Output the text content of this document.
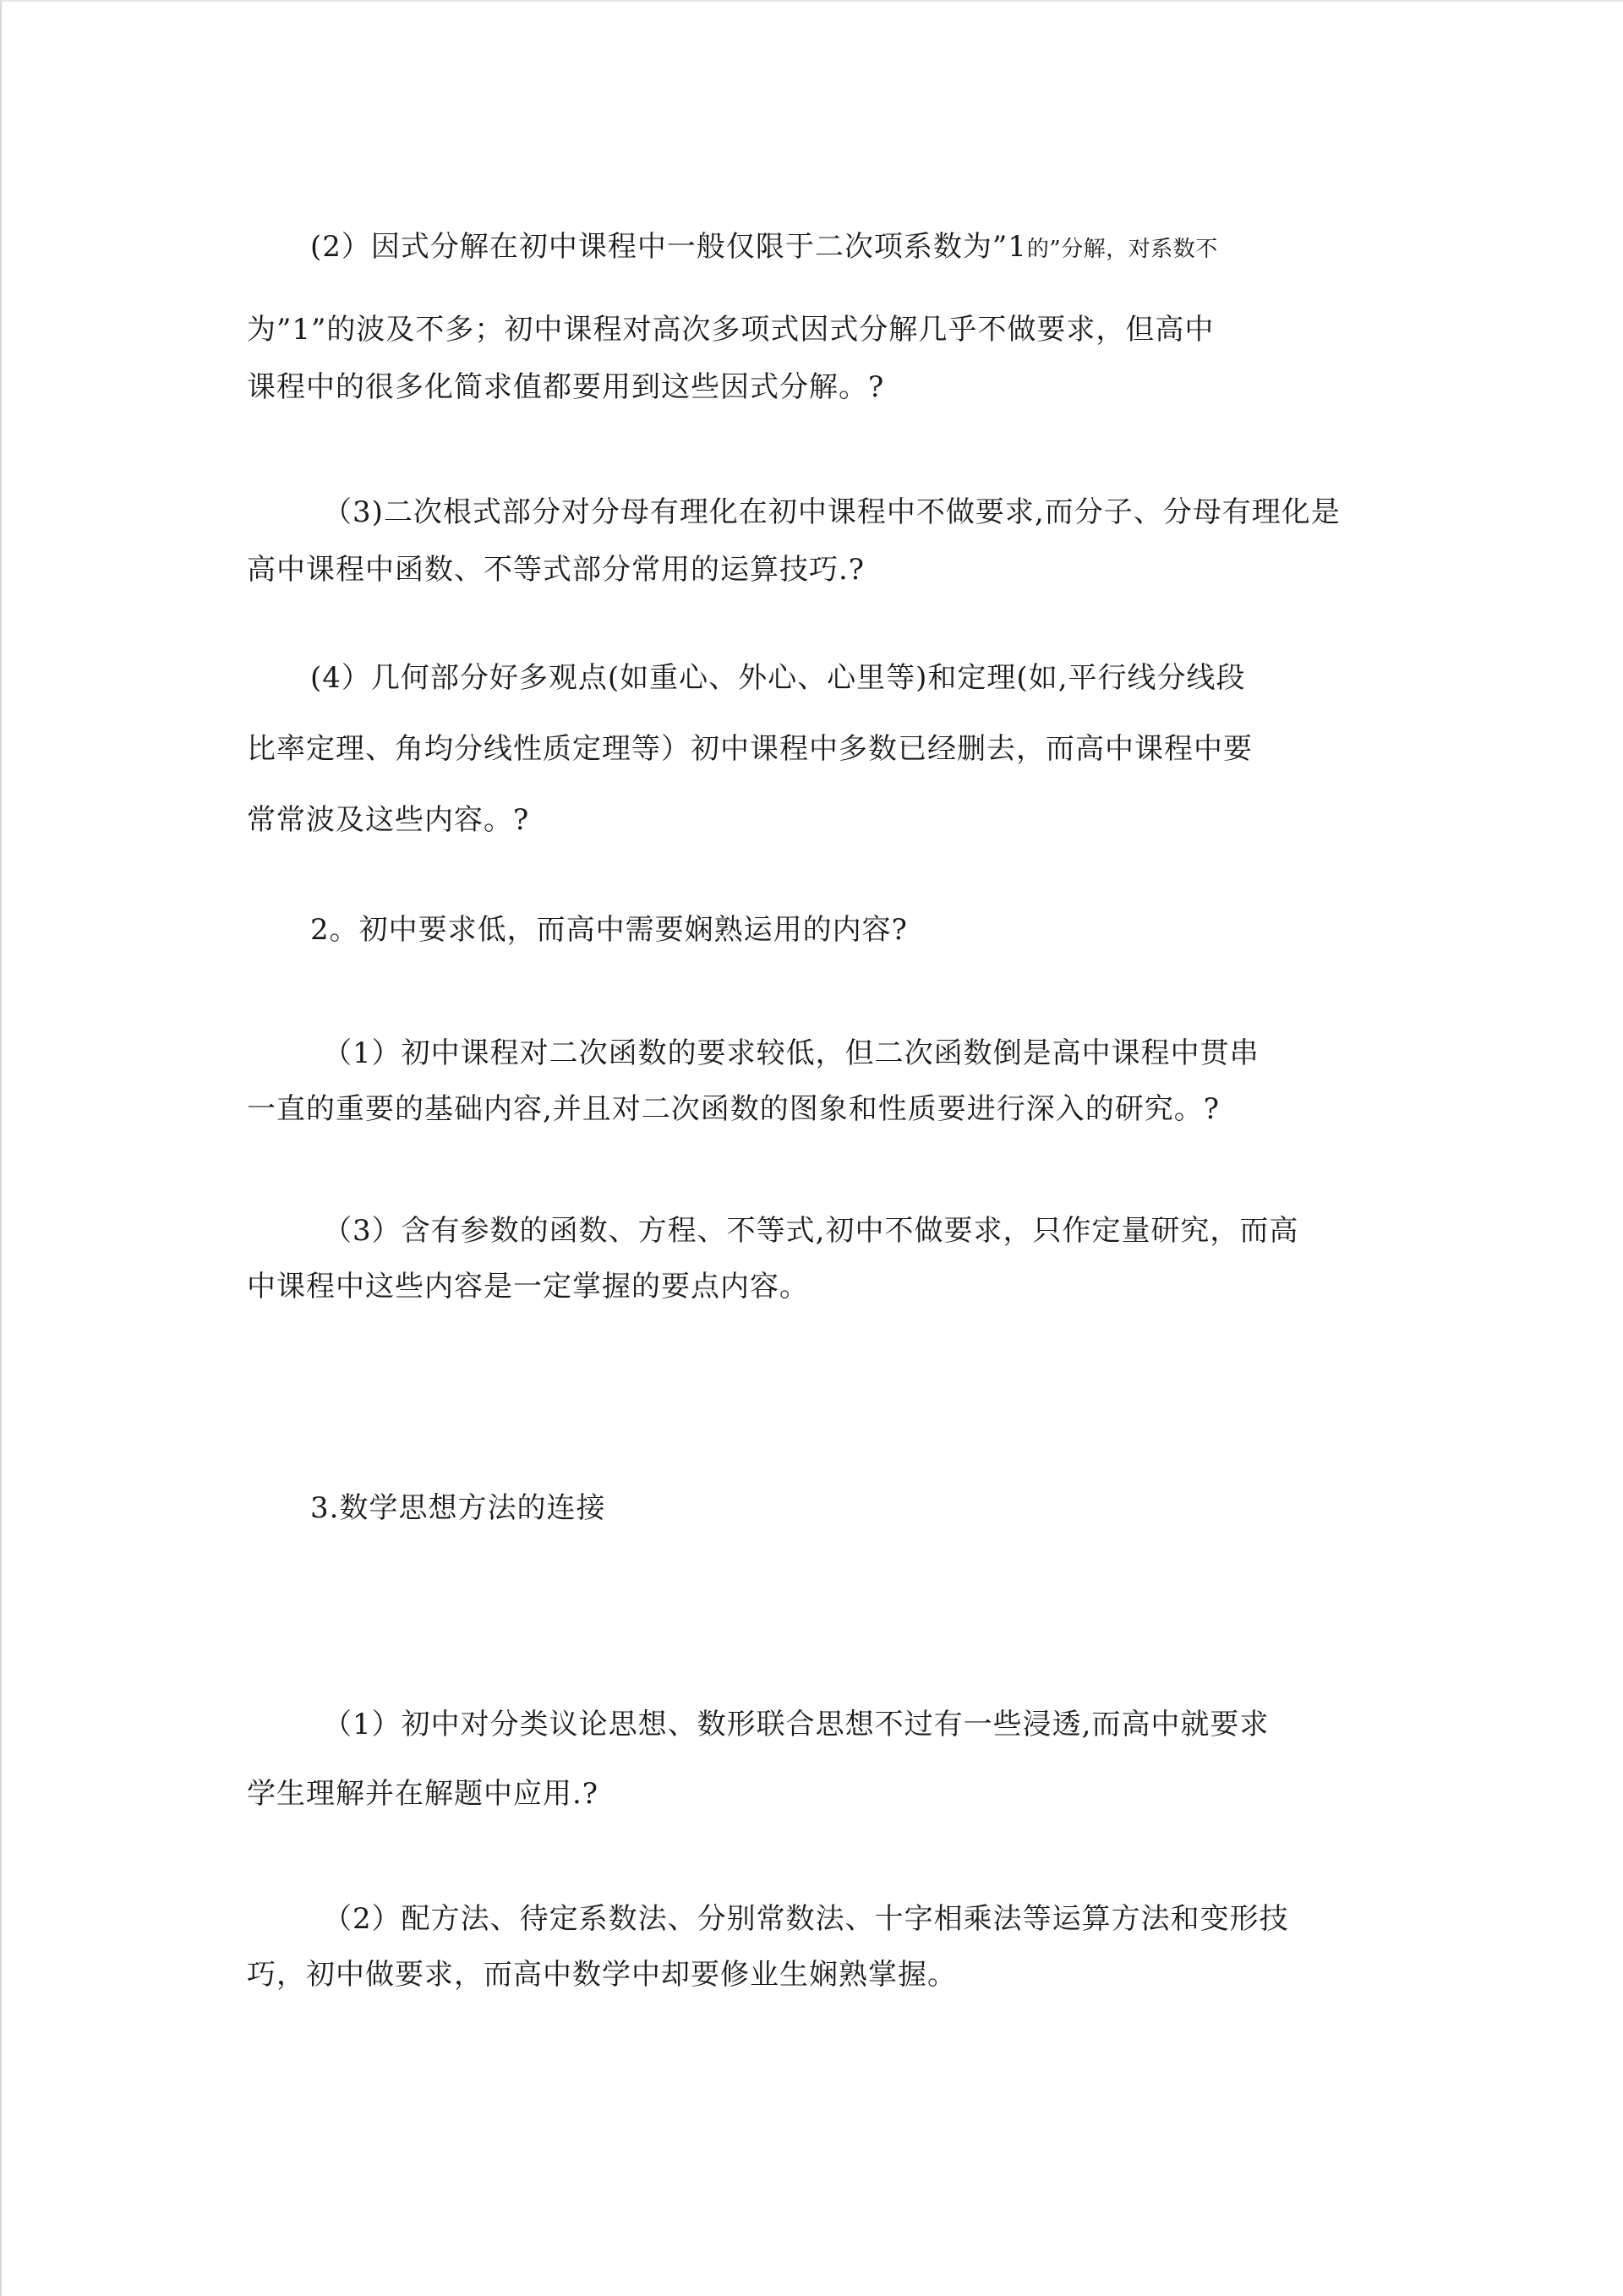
(2）因式分解在初中课程中一般仅限于二次项系数为”1的”分解，对系数不

为”1”的波及不多；初中课程对高次多项式因式分解几乎不做要求，但高中

课程中的很多化简求值都要用到这些因式分解。?

（3)二次根式部分对分母有理化在初中课程中不做要求,而分子、分母有理化是

高中课程中函数、不等式部分常用的运算技巧.?

(4）几何部分好多观点(如重心、外心、心里等)和定理(如,平行线分线段

比率定理、角均分线性质定理等）初中课程中多数已经删去，而高中课程中要

常常波及这些内容。?

2。初中要求低，而高中需要娴熟运用的内容?

（1）初中课程对二次函数的要求较低，但二次函数倒是高中课程中贯串

一直的重要的基础内容,并且对二次函数的图象和性质要进行深入的研究。?

（3）含有参数的函数、方程、不等式,初中不做要求，只作定量研究，而高

中课程中这些内容是一定掌握的要点内容。

3.数学思想方法的连接

（1）初中对分类议论思想、数形联合思想不过有一些浸透,而高中就要求

学生理解并在解题中应用.?

（2）配方法、待定系数法、分别常数法、十字相乘法等运算方法和变形技

巧，初中做要求，而高中数学中却要修业生娴熟掌握。
